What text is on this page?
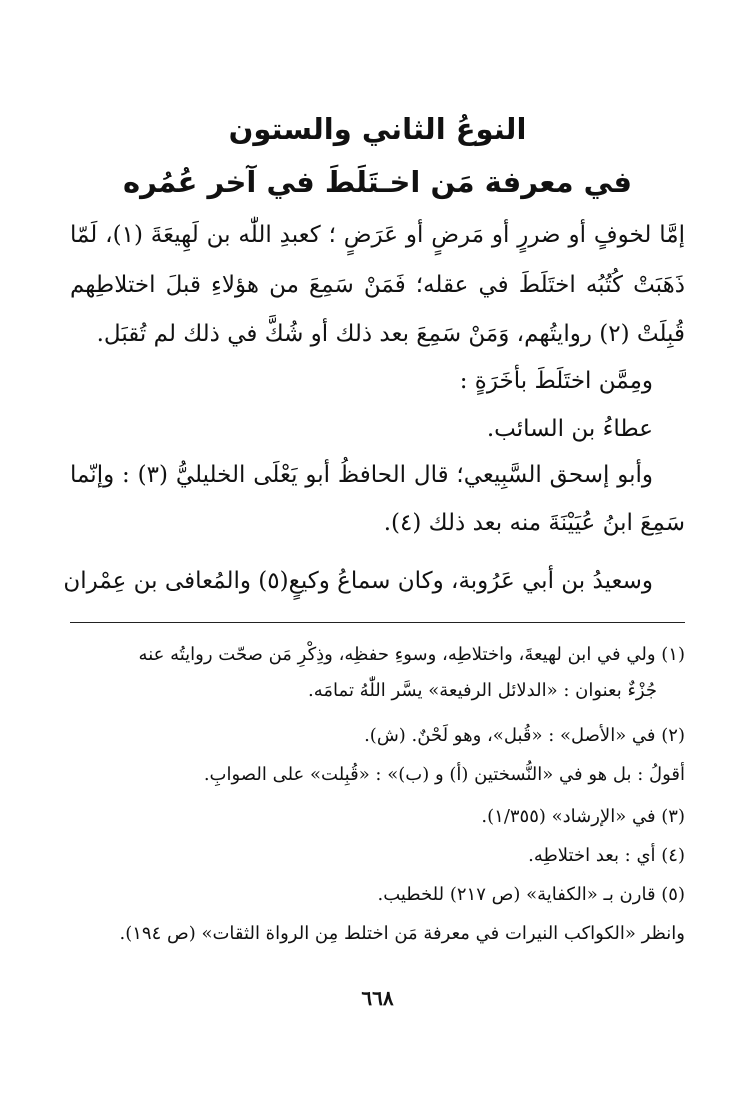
النوعُ الثاني والستون
في معرفة مَن اخـتَلَطَ في آخر عُمُره
إمَّا لخوفٍ أو ضررٍ أو مَرضٍ أو عَرَضٍ ؛ كعبدِ اللّٰه بن لَهِيعَةَ (١)، لَمّا
ذَهَبَتْ كُتُبُه اختَلَطَ في عقله؛ فَمَنْ سَمِعَ من هؤلاءِ قبلَ اختلاطِهم
قُبِلَتْ (٢) روايتُهم، وَمَنْ سَمِعَ بعد ذلك أو شُكَّ في ذلك لم تُقبَل.
ومِمَّن اختَلَطَ بأخَرَةٍ :
عطاءُ بن السائب.
وأبو إسحق السَّبِيعي؛ قال الحافظُ أبو يَعْلَى الخليليُّ (٣) : وإنّما
سَمِعَ ابنُ عُيَيْنَةَ منه بعد ذلك (٤).
وسعيدُ بن أبي عَرُوبة، وكان سماعُ وكيعٍ(٥) والمُعافى بن عِمْران
(١) ولي في ابن لهيعةَ، واختلاطِه، وسوءِ حفظِه، وذِكْرِ مَن صحّت روايتُه عنه
جُزْءٌ بعنوان : «الدلائل الرفيعة» يسَّر اللّٰهُ تمامَه.
(٢) في «الأصل» : «قُبل»، وهو لَحْنٌ. (ش).
أقولُ : بل هو في «النُّسختين (أ) و (ب)» : «قُبِلت» على الصوابِ.
(٣) في «الإرشاد» (١/٣٥٥).
(٤) أي : بعد اختلاطِه.
(٥) قارن بـ «الكفاية» (ص ٢١٧) للخطيب.
وانظر «الكواكب النيرات في معرفة مَن اختلط مِن الرواة الثقات» (ص ١٩٤).
٦٦٨
